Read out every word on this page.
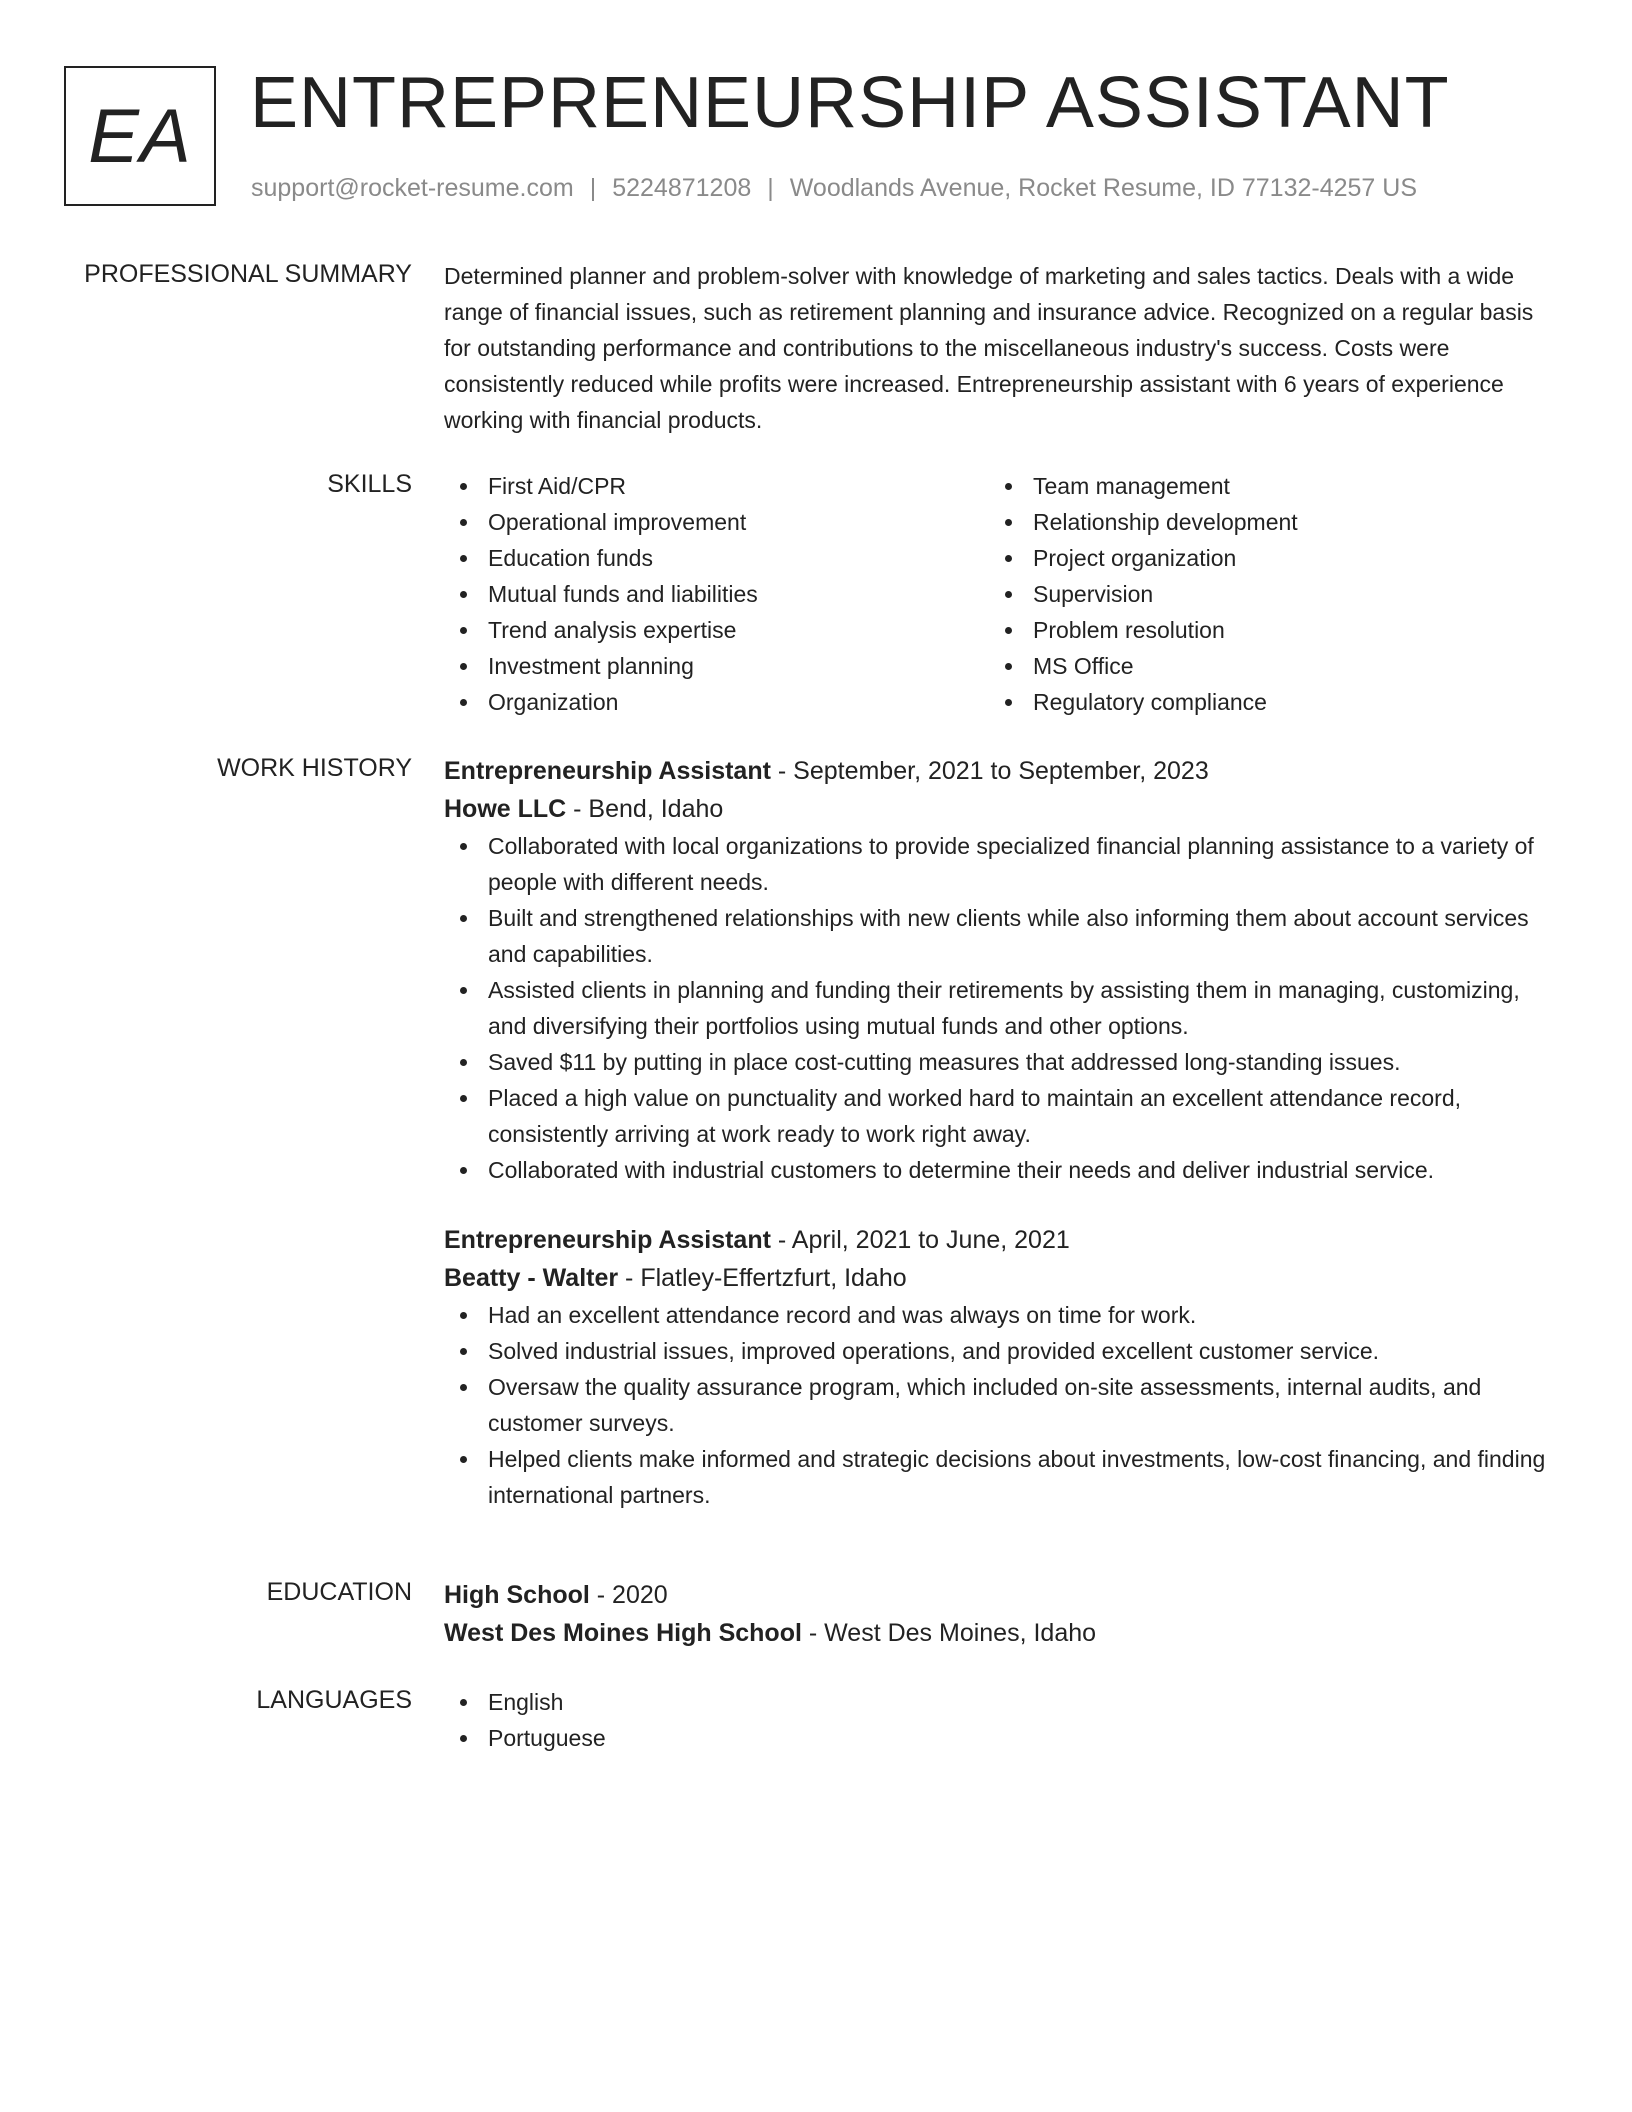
EA ENTREPRENEURSHIP ASSISTANT
support@rocket-resume.com | 5224871208 | Woodlands Avenue, Rocket Resume, ID 77132-4257 US
PROFESSIONAL SUMMARY Determined planner and problem-solver with knowledge of marketing and sales tactics. Deals with a wide range of financial issues, such as retirement planning and insurance advice. Recognized on a regular basis for outstanding performance and contributions to the miscellaneous industry's success. Costs were consistently reduced while profits were increased. Entrepreneurship assistant with 6 years of experience working with financial products.

SKILLS	First Aid/CPR
Operational improvement
Education funds
Mutual funds and liabilities
Trend analysis expertise
Investment planning
Organization
Team management
Relationship development
Project organization
Supervision
Problem resolution
MS Office
Regulatory compliance
WORK HISTORY Entrepreneurship Assistant - September, 2021 to September, 2023
Howe LLC - Bend, Idaho
Collaborated with local organizations to provide specialized financial planning assistance to a variety of people with different needs.
Built and strengthened relationships with new clients while also informing them about account services and capabilities.
Assisted clients in planning and funding their retirements by assisting them in managing, customizing, and diversifying their portfolios using mutual funds and other options.
Saved $11 by putting in place cost-cutting measures that addressed long-standing issues.
Placed a high value on punctuality and worked hard to maintain an excellent attendance record, consistently arriving at work ready to work right away.
Collaborated with industrial customers to determine their needs and deliver industrial service.
Entrepreneurship Assistant - April, 2021 to June, 2021
Beatty - Walter - Flatley-Effertzfurt, Idaho
Had an excellent attendance record and was always on time for work.
Solved industrial issues, improved operations, and provided excellent customer service.
Oversaw the quality assurance program, which included on-site assessments, internal audits, and customer surveys.
Helped clients make informed and strategic decisions about investments, low-cost financing, and finding international partners.
EDUCATION High School - 2020
West Des Moines High School - West Des Moines, Idaho
LANGUAGES	English
Portuguese
